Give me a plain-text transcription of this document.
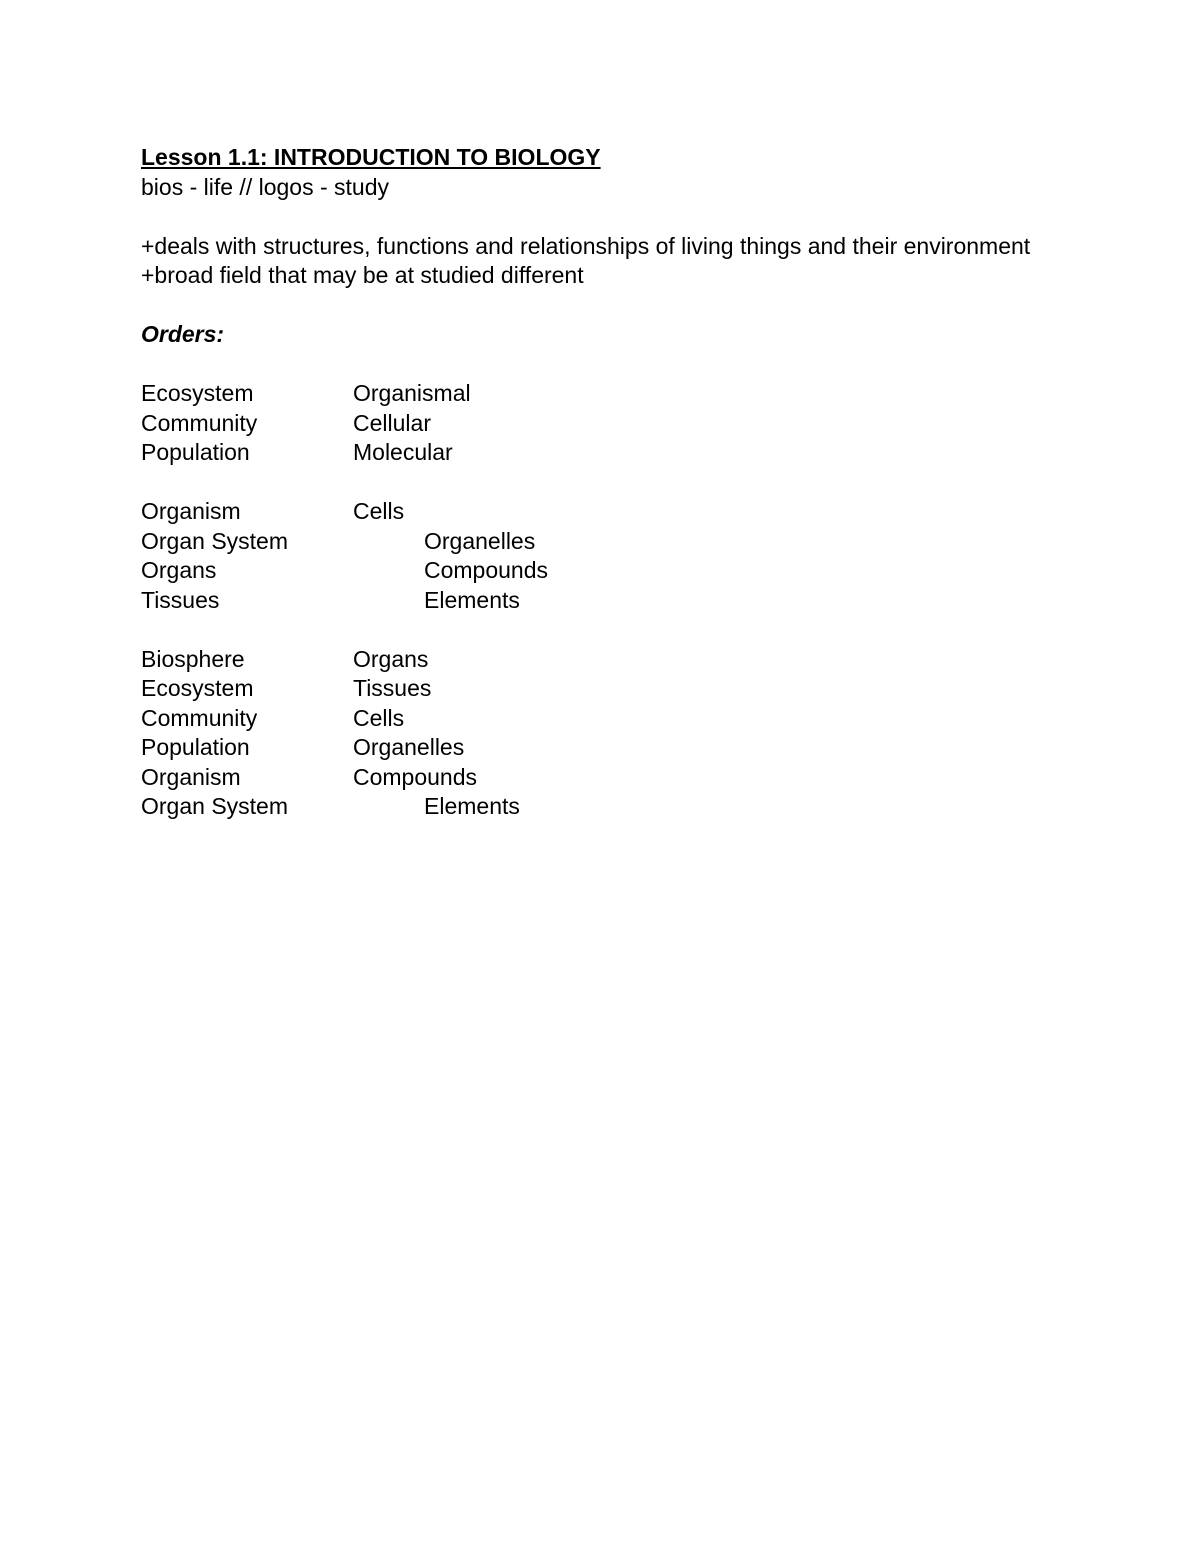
Lesson 1.1: INTRODUCTION TO BIOLOGY
bios - life // logos - study
+deals with structures, functions and relationships of living things and their environment
+broad field that may be at studied different
Orders:
Ecosystem	Organismal
Community	Cellular
Population	Molecular
Organism	Cells
Organ System	Organelles
Organs	Compounds
Tissues	Elements
Biosphere	Organs
Ecosystem	Tissues
Community	Cells
Population	Organelles
Organism	Compounds
Organ System	Elements
